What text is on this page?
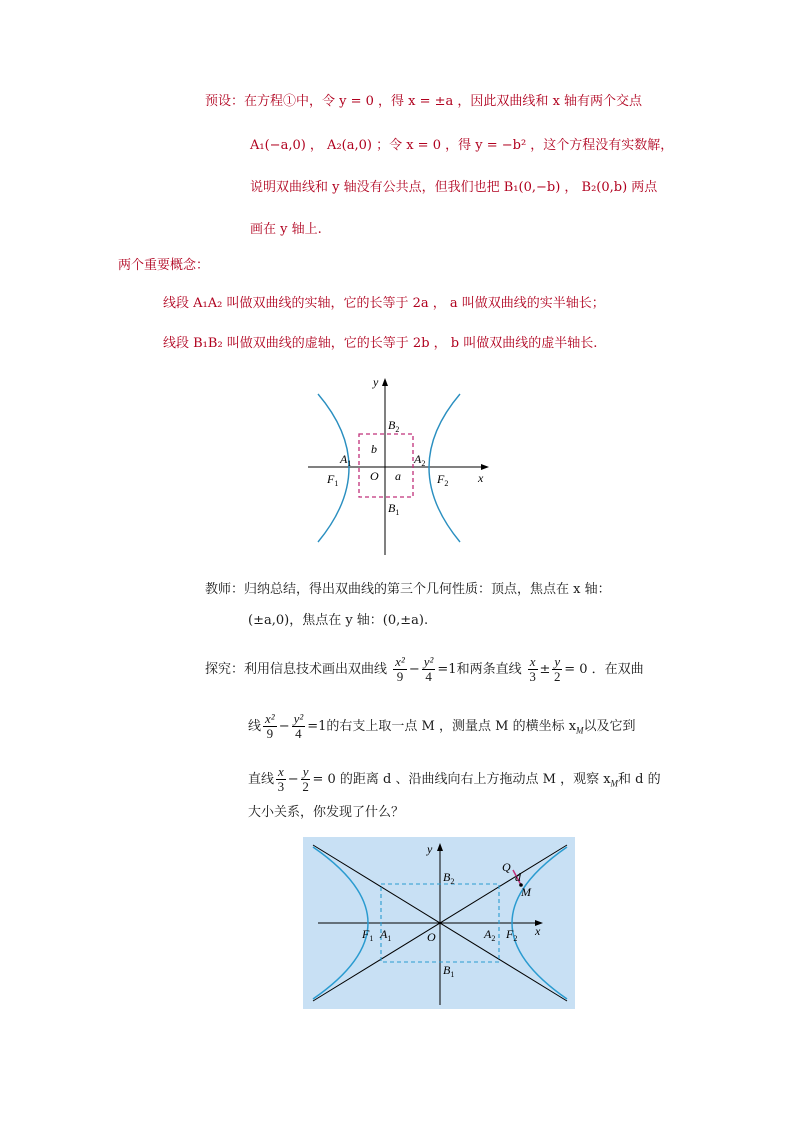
预设：在方程①中，令 y = 0 ，得 x = ±a ，因此双曲线和 x 轴有两个交点
A₁(−a,0) ， A₂(a,0) ；令 x = 0 ，得 y = −b² ，这个方程没有实数解，
说明双曲线和 y 轴没有公共点，但我们也把 B₁(0,−b) ， B₂(0,b) 两点
画在 y 轴上.
两个重要概念：
线段 A₁A₂ 叫做双曲线的实轴，它的长等于 2a ， a 叫做双曲线的实半轴长；
线段 B₁B₂ 叫做双曲线的虚轴，它的长等于 2b ， b 叫做双曲线的虚半轴长.
y
x
O a
b
$A_1$	$A_2$
$B_2$
$B_1$
$F_1$	$F_2$
教师：归纳总结，得出双曲线的第三个几何性质：顶点，焦点在 x 轴：
(±a,0)，焦点在 y 轴：(0,±a).
探究：利用信息技术画出双曲线 $\frac{\text{x²}}{9} - \frac{\text{y²}}{4} =1$和两条直线 $\frac{x}{3} \pm \frac{y}{2} = 0$ ．在双曲
线 $\frac{\text{x²}}{9} - \frac{\text{y²}}{4} =1$的右支上取一点 M ，测量点 M 的横坐标 $x_M$以及它到
直线 $\frac{x}{3} - \frac{y}{2} = 0$ 的距离 d 、沿曲线向右上方拖动点 M ，观察 $x_M$和 d 的
大小关系，你发现了什么？
y
x
O
Q
d
M
$B_2$
$B_1$
$F_1$ $A_1$	$A_2$ $F_2$
